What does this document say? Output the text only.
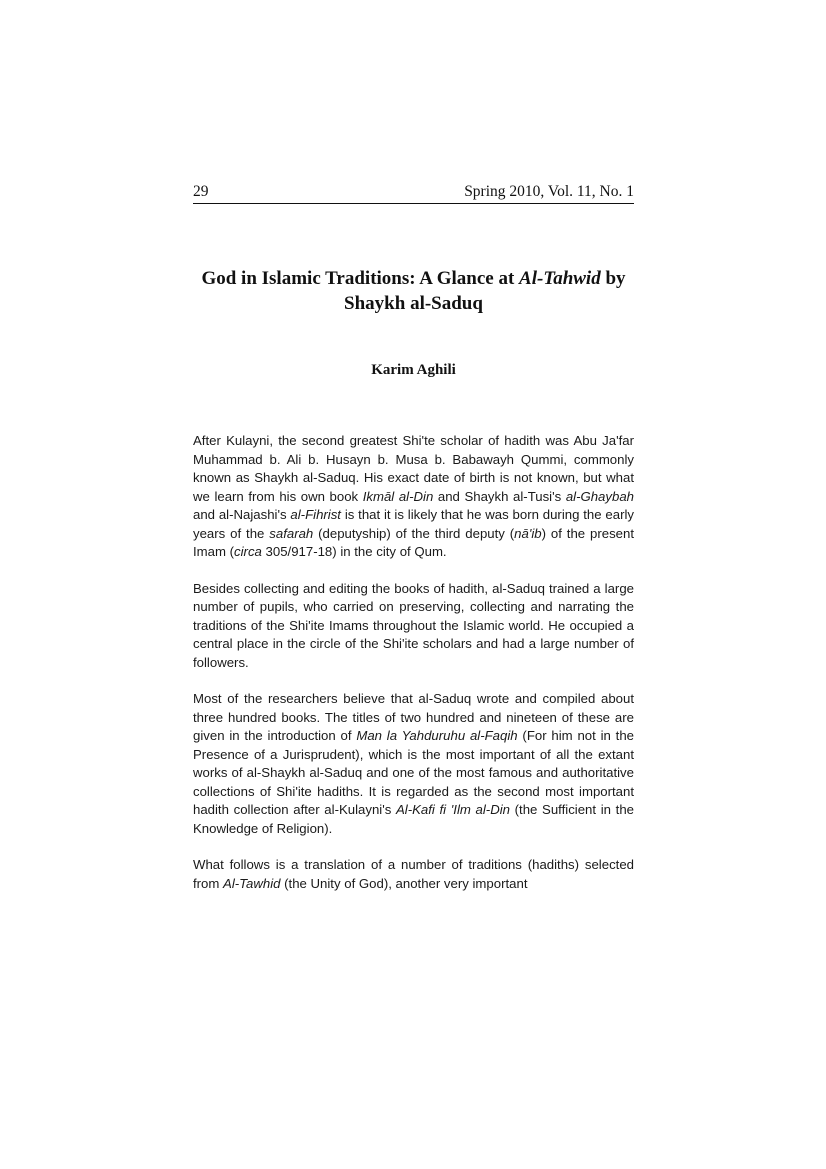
29	Spring 2010, Vol. 11, No. 1
God in Islamic Traditions: A Glance at Al-Tahwid by Shaykh al-Saduq
Karim Aghili

After Kulayni, the second greatest Shi'te scholar of hadith was Abu Ja'far Muhammad b. Ali b. Husayn b. Musa b. Babawayh Qummi, commonly known as Shaykh al-Saduq. His exact date of birth is not known, but what we learn from his own book Ikmāl al-Din and Shaykh al-Tusi's al-Ghaybah and al-Najashi's al-Fihrist is that it is likely that he was born during the early years of the safarah (deputyship) of the third deputy (nā'ib) of the present Imam (circa 305/917-18) in the city of Qum.

Besides collecting and editing the books of hadith, al-Saduq trained a large number of pupils, who carried on preserving, collecting and narrating the traditions of the Shi'ite Imams throughout the Islamic world. He occupied a central place in the circle of the Shi'ite scholars and had a large number of followers.

Most of the researchers believe that al-Saduq wrote and compiled about three hundred books. The titles of two hundred and nineteen of these are given in the introduction of Man la Yahduruhu al-Faqih (For him not in the Presence of a Jurisprudent), which is the most important of all the extant works of al-Shaykh al-Saduq and one of the most famous and authoritative collections of Shi'ite hadiths. It is regarded as the second most important hadith collection after al-Kulayni's Al-Kafi fi 'Ilm al-Din (the Sufficient in the Knowledge of Religion).

What follows is a translation of a number of traditions (hadiths) selected from Al-Tawhid (the Unity of God), another very important
